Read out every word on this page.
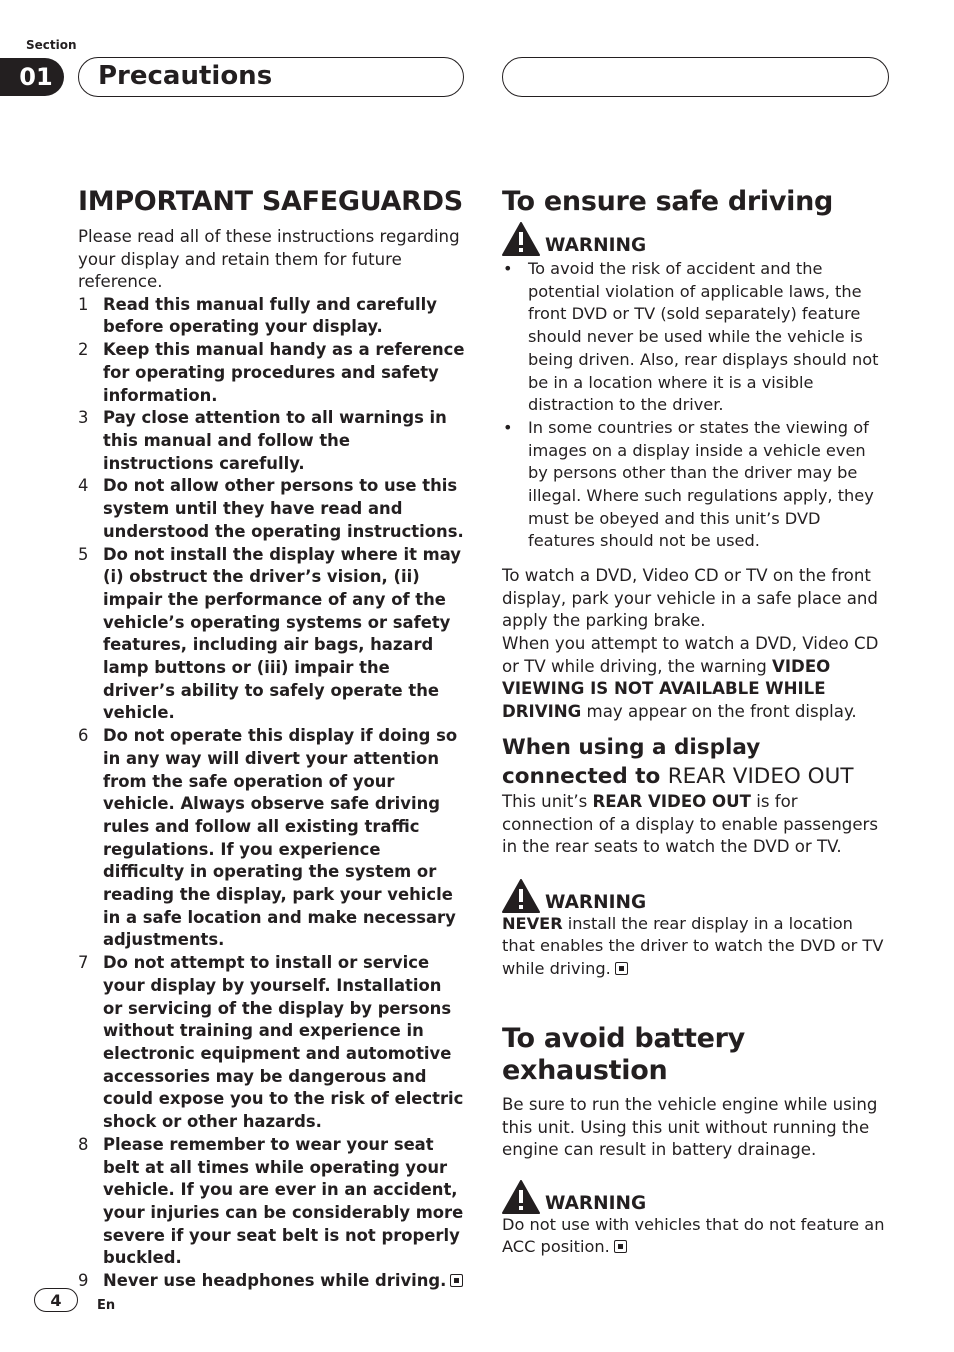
Section
01	Precautions
IMPORTANT SAFEGUARDS
Please read all of these instructions regarding your display and retain them for future reference.
1 Read this manual fully and carefully before operating your display.
2 Keep this manual handy as a reference for operating procedures and safety information.
3 Pay close attention to all warnings in this manual and follow the instructions carefully.
4 Do not allow other persons to use this system until they have read and understood the operating instructions.
5 Do not install the display where it may (i) obstruct the driver’s vision, (ii) impair the performance of any of the vehicle’s operating systems or safety features, including air bags, hazard lamp buttons or (iii) impair the driver’s ability to safely operate the vehicle.
6 Do not operate this display if doing so in any way will divert your attention from the safe operation of your vehicle. Always observe safe driving rules and follow all existing traffic regulations. If you experience difficulty in operating the system or reading the display, park your vehicle in a safe location and make necessary adjustments.
7 Do not attempt to install or service your display by yourself. Installation or servicing of the display by persons without training and experience in electronic equipment and automotive accessories may be dangerous and could expose you to the risk of electric shock or other hazards.
8 Please remember to wear your seat belt at all times while operating your vehicle. If you are ever in an accident, your injuries can be considerably more severe if your seat belt is not properly buckled.
9 Never use headphones while driving.
To ensure safe driving
WARNING
• To avoid the risk of accident and the potential violation of applicable laws, the front DVD or TV (sold separately) feature should never be used while the vehicle is being driven. Also, rear displays should not be in a location where it is a visible distraction to the driver.
• In some countries or states the viewing of images on a display inside a vehicle even by persons other than the driver may be illegal. Where such regulations apply, they must be obeyed and this unit’s DVD features should not be used.
To watch a DVD, Video CD or TV on the front display, park your vehicle in a safe place and apply the parking brake.
When you attempt to watch a DVD, Video CD or TV while driving, the warning VIDEO VIEWING IS NOT AVAILABLE WHILE DRIVING may appear on the front display.
When using a display connected to REAR VIDEO OUT
This unit’s REAR VIDEO OUT is for connection of a display to enable passengers in the rear seats to watch the DVD or TV.
WARNING
NEVER install the rear display in a location that enables the driver to watch the DVD or TV while driving.
To avoid battery exhaustion
Be sure to run the vehicle engine while using this unit. Using this unit without running the engine can result in battery drainage.
WARNING
Do not use with vehicles that do not feature an ACC position.
4	En
